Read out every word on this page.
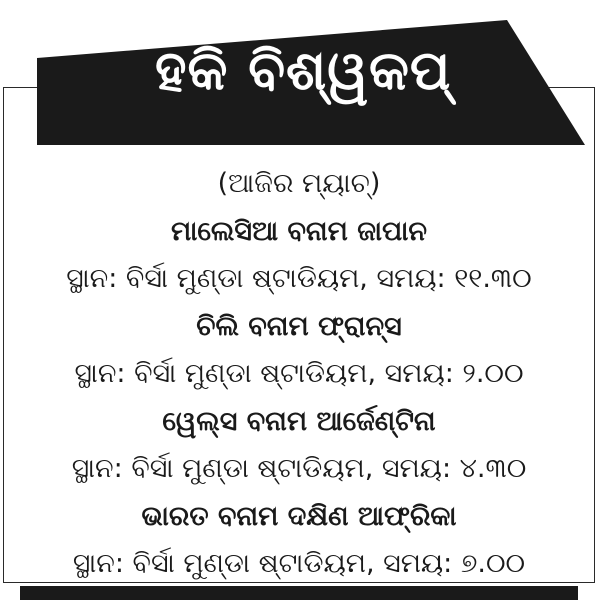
ହକି ବିଶ୍ୱକପ୍
(ଆଜିର ମ୍ୟାଚ୍)
ମାଲେସିଆ ବନାମ ଜାପାନ
ସ୍ଥାନ: ବିର୍ସା ମୁଣ୍ଡା ଷ୍ଟାଡିୟମ, ସମୟ: ୧୧.୩୦
ଚିଲି ବନାମ ଫ୍ରାନ୍ସ
ସ୍ଥାନ: ବିର୍ସା ମୁଣ୍ଡା ଷ୍ଟାଡିୟମ, ସମୟ: ୨.୦୦
ୱେଲ୍ସ ବନାମ ଆର୍ଜେଣ୍ଟିନା
ସ୍ଥାନ: ବିର୍ସା ମୁଣ୍ଡା ଷ୍ଟାଡିୟମ, ସମୟ: ୪.୩୦
ଭାରତ ବନାମ ଦକ୍ଷିଣ ଆଫ୍ରିକା
ସ୍ଥାନ: ବିର୍ସା ମୁଣ୍ଡା ଷ୍ଟାଡିୟମ, ସମୟ: ୭.୦୦
